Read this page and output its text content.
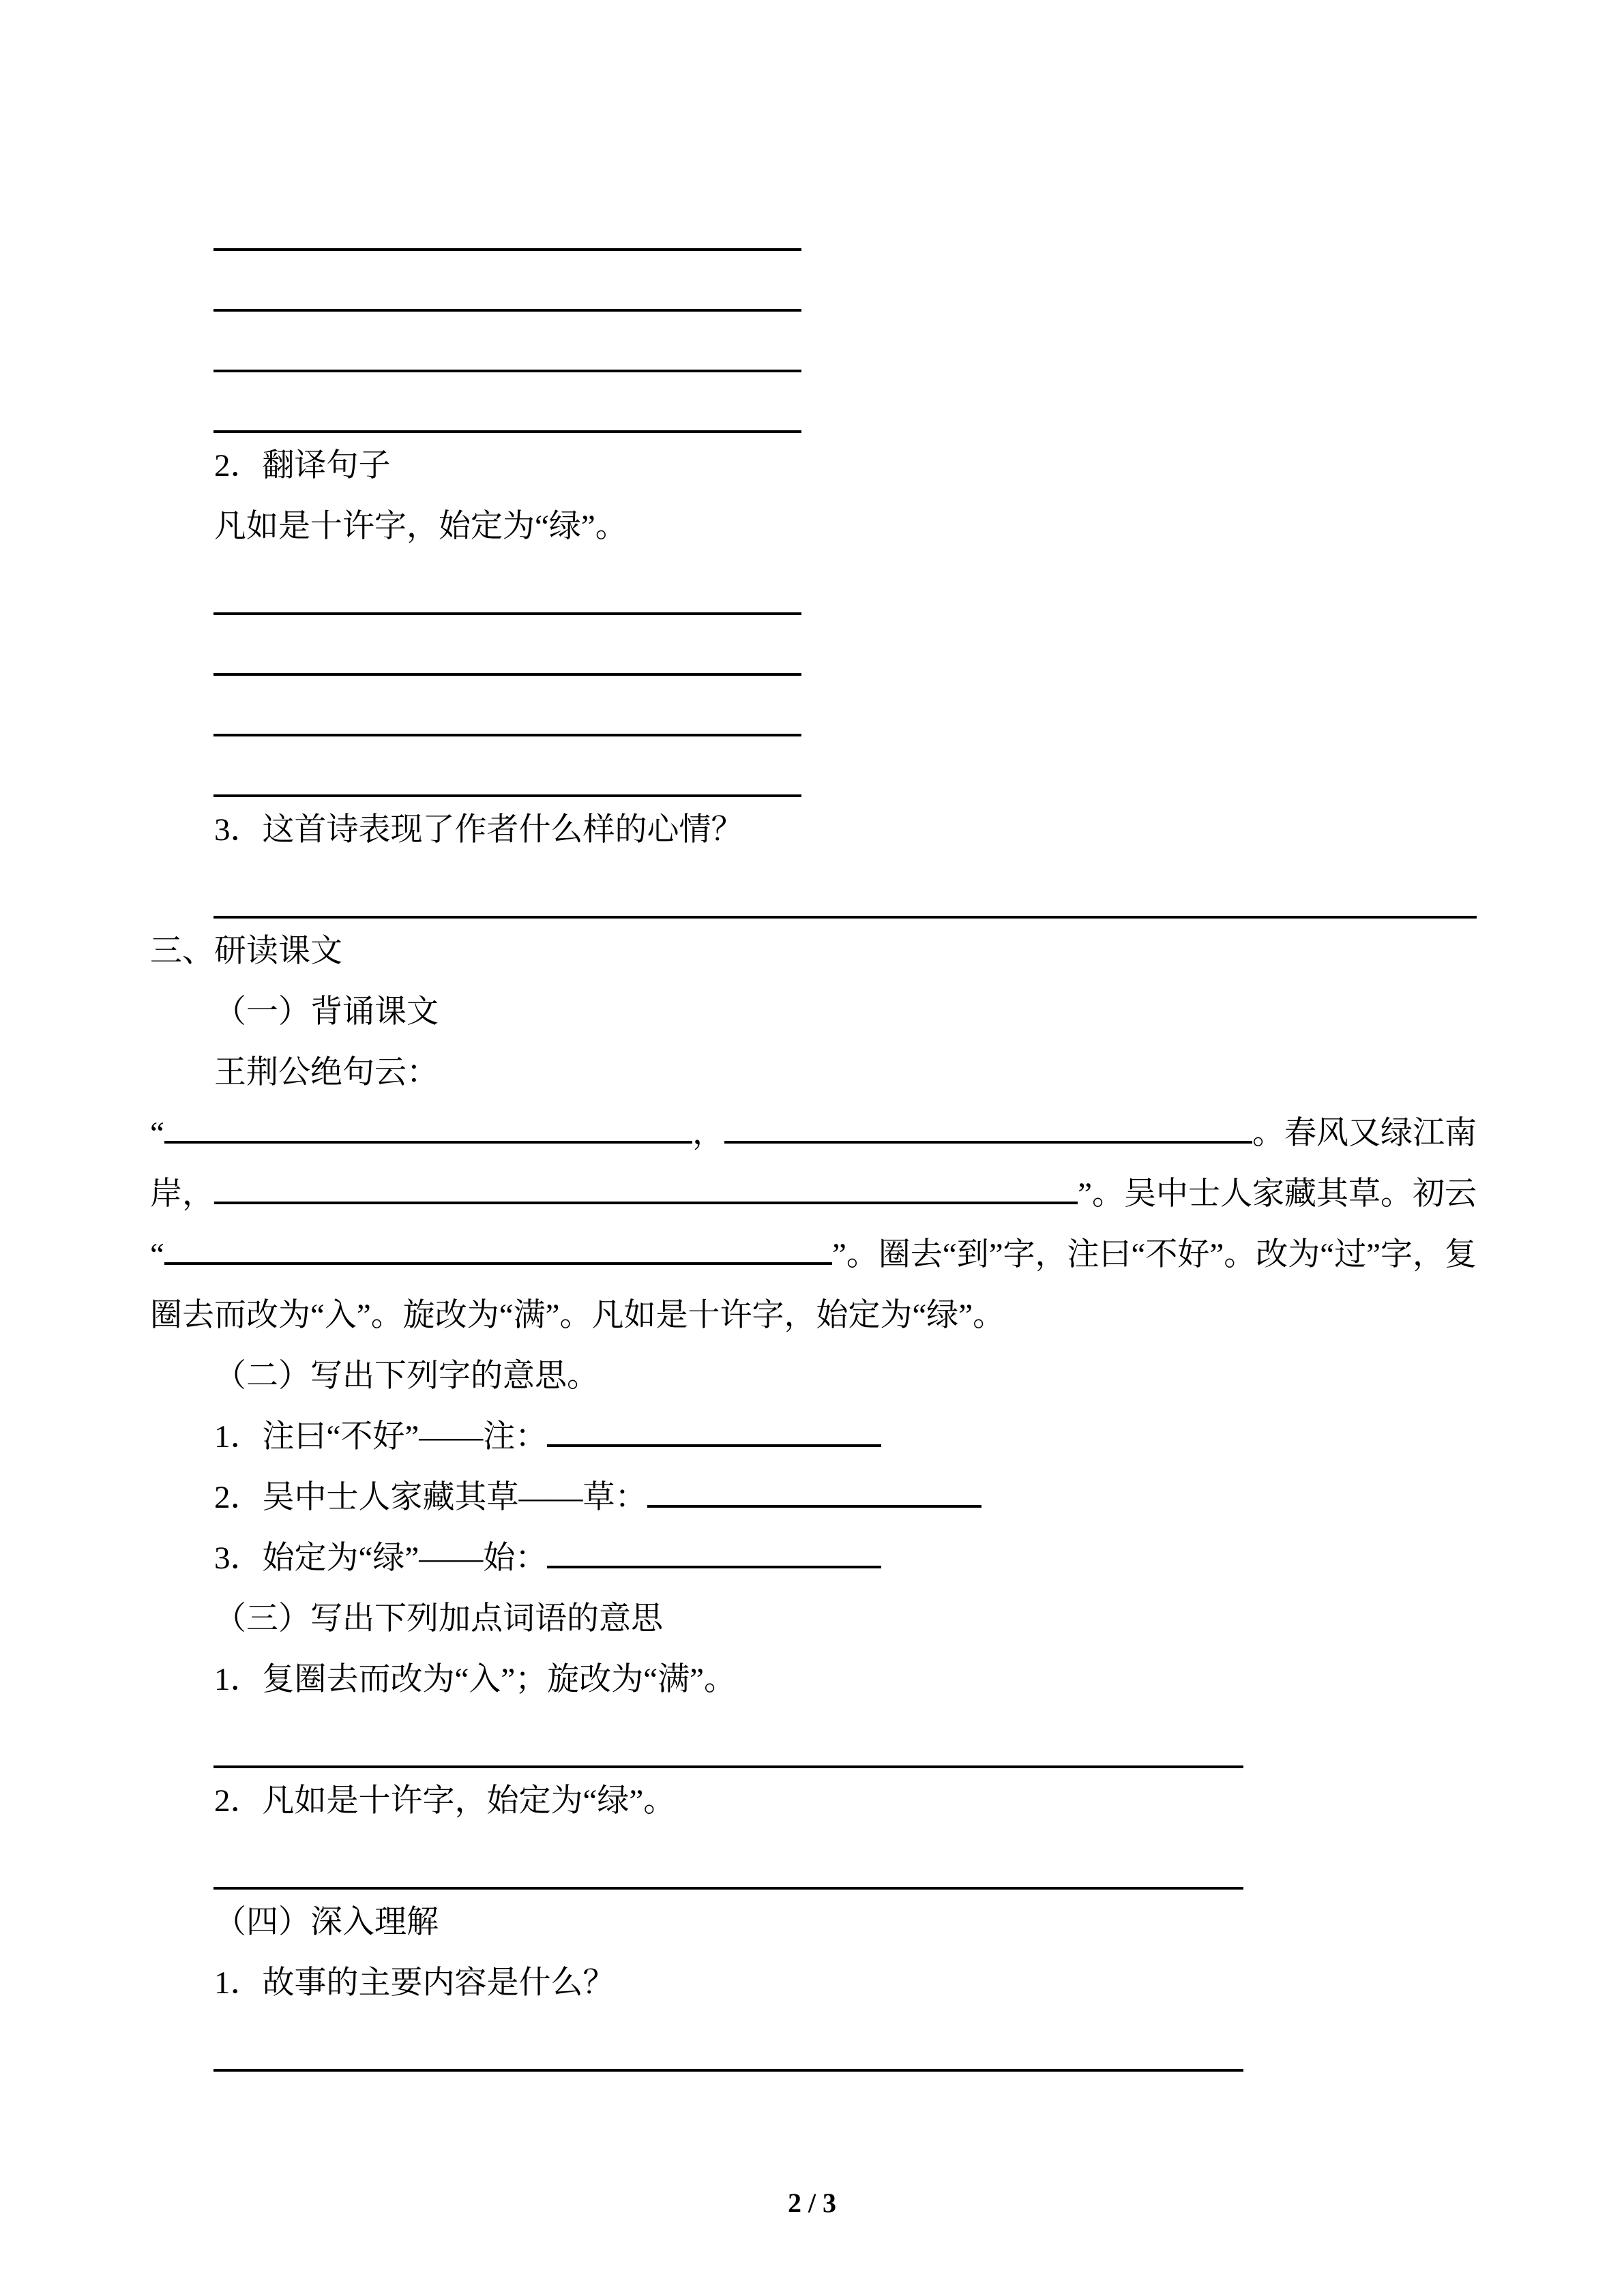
2．翻译句子
凡如是十许字，始定为“绿”。
3．这首诗表现了作者什么样的心情？
三、研读课文
（一）背诵课文
王荆公绝句云：
“	，	。春风又绿江南
岸，	”。吴中士人家藏其草。初云
“	”。圈去“到”字，注曰“不好”。改为“过”字，复
圈去而改为“入”。旋改为“满”。凡如是十许字，始定为“绿”。
（二）写出下列字的意思。
1．注曰“不好”——注：
2．吴中士人家藏其草——草：
3．始定为“绿”——始：
（三）写出下列加点词语的意思
1．复圈去而改为“入”；旋改为“满”。
2．凡如是十许字，始定为“绿”。
（四）深入理解
1．故事的主要内容是什么？
2 / 3
